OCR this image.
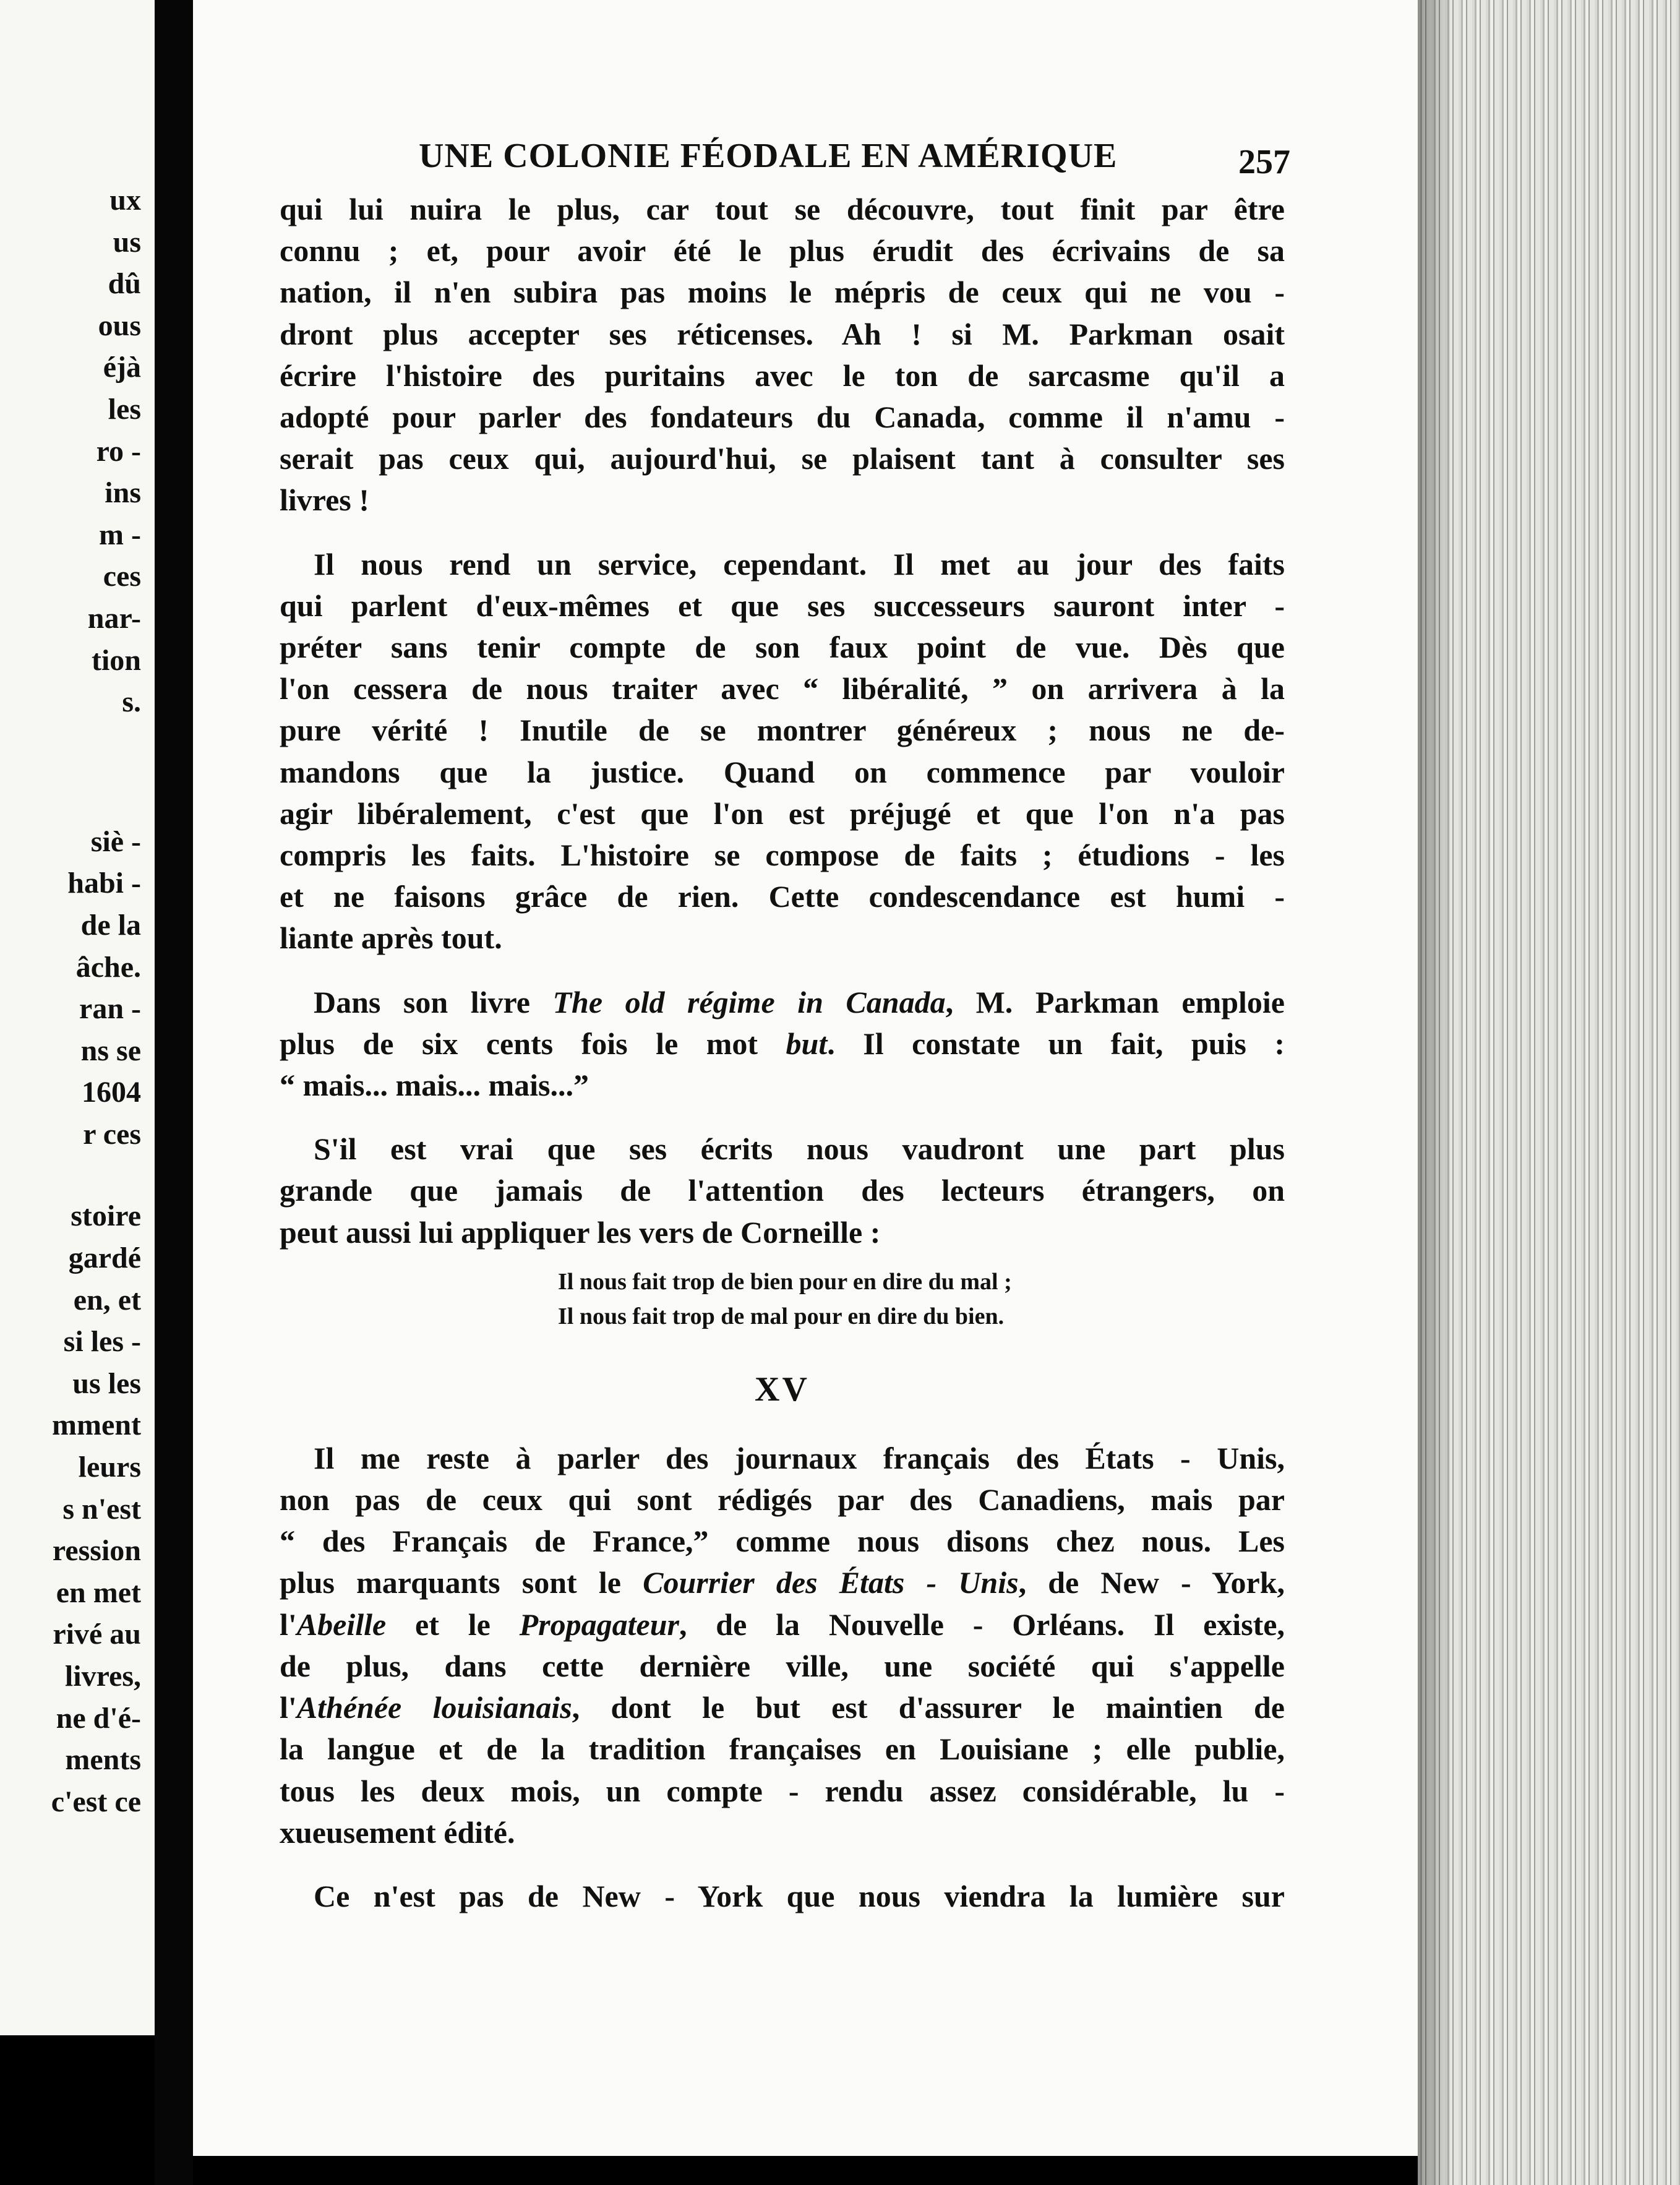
ux
us
dû
ous
éjà
les
ro -
ins
m -
ces
nar-
tion
s.
siè -
habi -
de la
âche.
ran -
ns se
1604
r ces
stoire
gardé
en, et
si les -
us les
mment
leurs
s n'est
ression
en met
rivé au
livres,
ne d'é-
ments
c'est ce
UNE COLONIE FÉODALE EN AMÉRIQUE	257
qui lui nuira le plus, car tout se découvre, tout finit par être
connu ; et, pour avoir été le plus érudit des écrivains de sa
nation, il n'en subira pas moins le mépris de ceux qui ne vou -
dront plus accepter ses réticenses. Ah ! si M. Parkman osait
écrire l'histoire des puritains avec le ton de sarcasme qu'il a
adopté pour parler des fondateurs du Canada, comme il n'amu -
serait pas ceux qui, aujourd'hui, se plaisent tant à consulter ses
livres !
Il nous rend un service, cependant. Il met au jour des faits
qui parlent d'eux-mêmes et que ses successeurs sauront inter -
préter sans tenir compte de son faux point de vue. Dès que
l'on cessera de nous traiter avec “ libéralité, ” on arrivera à la
pure vérité ! Inutile de se montrer généreux ; nous ne de-
mandons que la justice. Quand on commence par vouloir
agir libéralement, c'est que l'on est préjugé et que l'on n'a pas
compris les faits. L'histoire se compose de faits ; étudions - les
et ne faisons grâce de rien. Cette condescendance est humi -
liante après tout.
Dans son livre The old régime in Canada, M. Parkman emploie
plus de six cents fois le mot but. Il constate un fait, puis :
“ mais... mais... mais...”
S'il est vrai que ses écrits nous vaudront une part plus
grande que jamais de l'attention des lecteurs étrangers, on
peut aussi lui appliquer les vers de Corneille :
Il nous fait trop de bien pour en dire du mal ;
Il nous fait trop de mal pour en dire du bien.
XV
Il me reste à parler des journaux français des États - Unis,
non pas de ceux qui sont rédigés par des Canadiens, mais par
“ des Français de France,” comme nous disons chez nous. Les
plus marquants sont le Courrier des États - Unis, de New - York,
l'Abeille et le Propagateur, de la Nouvelle - Orléans. Il existe,
de plus, dans cette dernière ville, une société qui s'appelle
l'Athénée louisianais, dont le but est d'assurer le maintien de
la langue et de la tradition françaises en Louisiane ; elle publie,
tous les deux mois, un compte - rendu assez considérable, lu -
xueusement édité.
Ce n'est pas de New - York que nous viendra la lumière sur
